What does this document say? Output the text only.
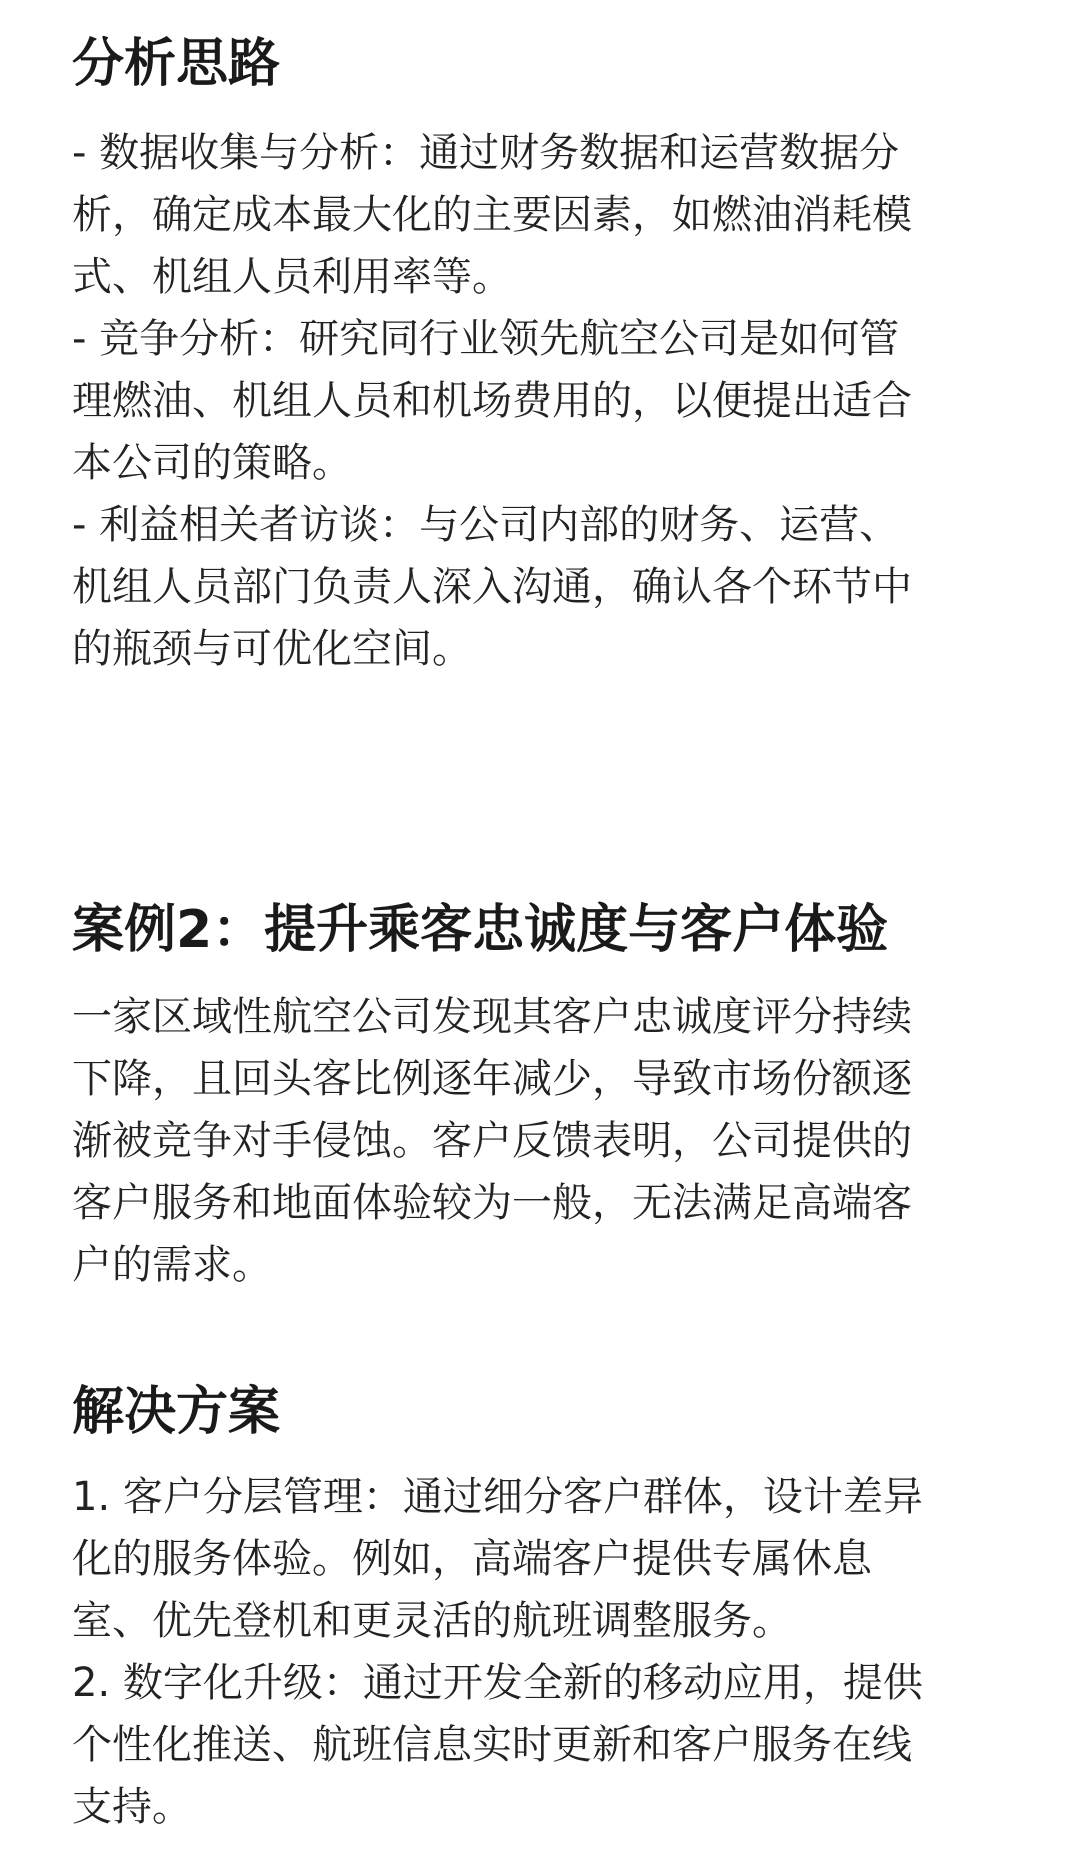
分析思路

- 数据收集与分析：通过财务数据和运营数据分

析，确定成本最大化的主要因素，如燃油消耗模

式、机组人员利用率等。

- 竞争分析：研究同行业领先航空公司是如何管

理燃油、机组人员和机场费用的，以便提出适合

本公司的策略。

- 利益相关者访谈：与公司内部的财务、运营、

机组人员部门负责人深入沟通，确认各个环节中

的瓶颈与可优化空间。

案例2：提升乘客忠诚度与客户体验

一家区域性航空公司发现其客户忠诚度评分持续

下降，且回头客比例逐年减少，导致市场份额逐

渐被竞争对手侵蚀。客户反馈表明，公司提供的

客户服务和地面体验较为一般，无法满足高端客

户的需求。

解决方案

1. 客户分层管理：通过细分客户群体，设计差异

化的服务体验。例如，高端客户提供专属休息

室、优先登机和更灵活的航班调整服务。

2. 数字化升级：通过开发全新的移动应用，提供

个性化推送、航班信息实时更新和客户服务在线

支持。
